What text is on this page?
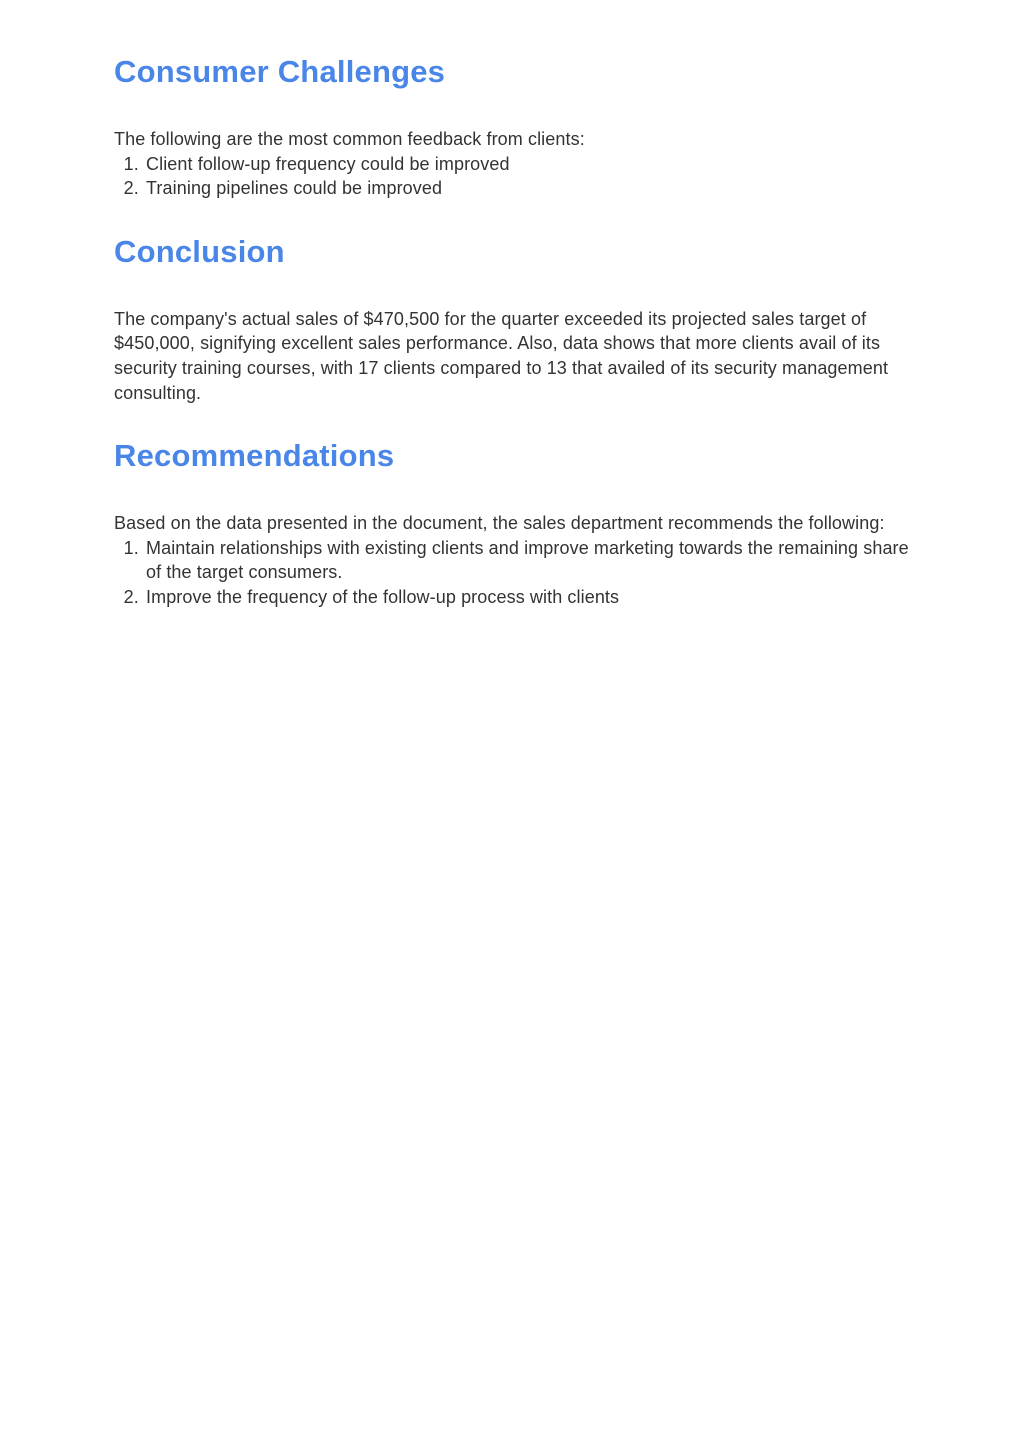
Consumer Challenges

The following are the most common feedback from clients:

1. Client follow-up frequency could be improved
2. Training pipelines could be improved
Conclusion

The company's actual sales of $470,500 for the quarter exceeded its projected sales target of $450,000, signifying excellent sales performance. Also, data shows that more clients avail of its security training courses, with 17 clients compared to 13 that availed of its security management consulting.

Recommendations

Based on the data presented in the document, the sales department recommends the following:

1. Maintain relationships with existing clients and improve marketing towards the remaining share of the target consumers.
2. Improve the frequency of the follow-up process with clients
